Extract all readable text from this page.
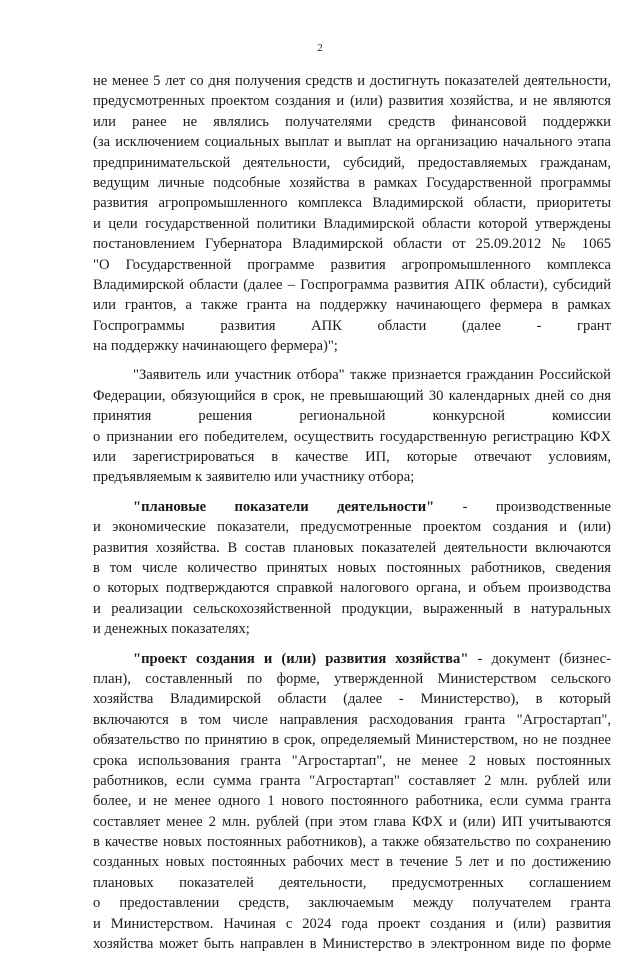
2
не менее 5 лет со дня получения средств и достигнуть показателей деятельности,
предусмотренных проектом создания и (или) развития хозяйства, и не являются
или ранее не являлись получателями средств финансовой поддержки
(за исключением социальных выплат и выплат на организацию начального этапа
предпринимательской деятельности, субсидий, предоставляемых гражданам,
ведущим личные подсобные хозяйства в рамках Государственной программы
развития агропромышленного комплекса Владимирской области, приоритеты
и цели государственной политики Владимирской области которой утверждены
постановлением Губернатора Владимирской области от 25.09.2012 № 1065
"О Государственной программе развития агропромышленного комплекса
Владимирской области (далее – Госпрограмма развития АПК области), субсидий
или грантов, а также гранта на поддержку начинающего фермера в рамках
Госпрограммы развития АПК области (далее - грант
на поддержку начинающего фермера)";
"Заявитель или участник отбора" также признается гражданин Российской
Федерации, обязующийся в срок, не превышающий 30 календарных дней со дня
принятия решения региональной конкурсной комиссии
о признании его победителем, осуществить государственную регистрацию КФХ
или зарегистрироваться в качестве ИП, которые отвечают условиям,
предъявляемым к заявителю или участнику отбора;
"плановые показатели деятельности" - производственные
и экономические показатели, предусмотренные проектом создания и (или)
развития хозяйства. В состав плановых показателей деятельности включаются
в том числе количество принятых новых постоянных работников, сведения
о которых подтверждаются справкой налогового органа, и объем производства
и реализации сельскохозяйственной продукции, выраженный в натуральных
и денежных показателях;
"проект создания и (или) развития хозяйства" - документ (бизнес-
план), составленный по форме, утвержденной Министерством сельского
хозяйства Владимирской области (далее - Министерство), в который
включаются в том числе направления расходования гранта "Агростартап",
обязательство по принятию в срок, определяемый Министерством, но не позднее
срока использования гранта "Агростартап", не менее 2 новых постоянных
работников, если сумма гранта "Агростартап" составляет 2 млн. рублей или
более, и не менее одного 1 нового постоянного работника, если сумма гранта
составляет менее 2 млн. рублей (при этом глава КФХ и (или) ИП учитываются
в качестве новых постоянных работников), а также обязательство по сохранению
созданных новых постоянных рабочих мест в течение 5 лет и по достижению
плановых показателей деятельности, предусмотренных соглашением
о предоставлении средств, заключаемым между получателем гранта
и Министерством. Начиная с 2024 года проект создания и (или) развития
хозяйства может быть направлен в Министерство в электронном виде по форме
